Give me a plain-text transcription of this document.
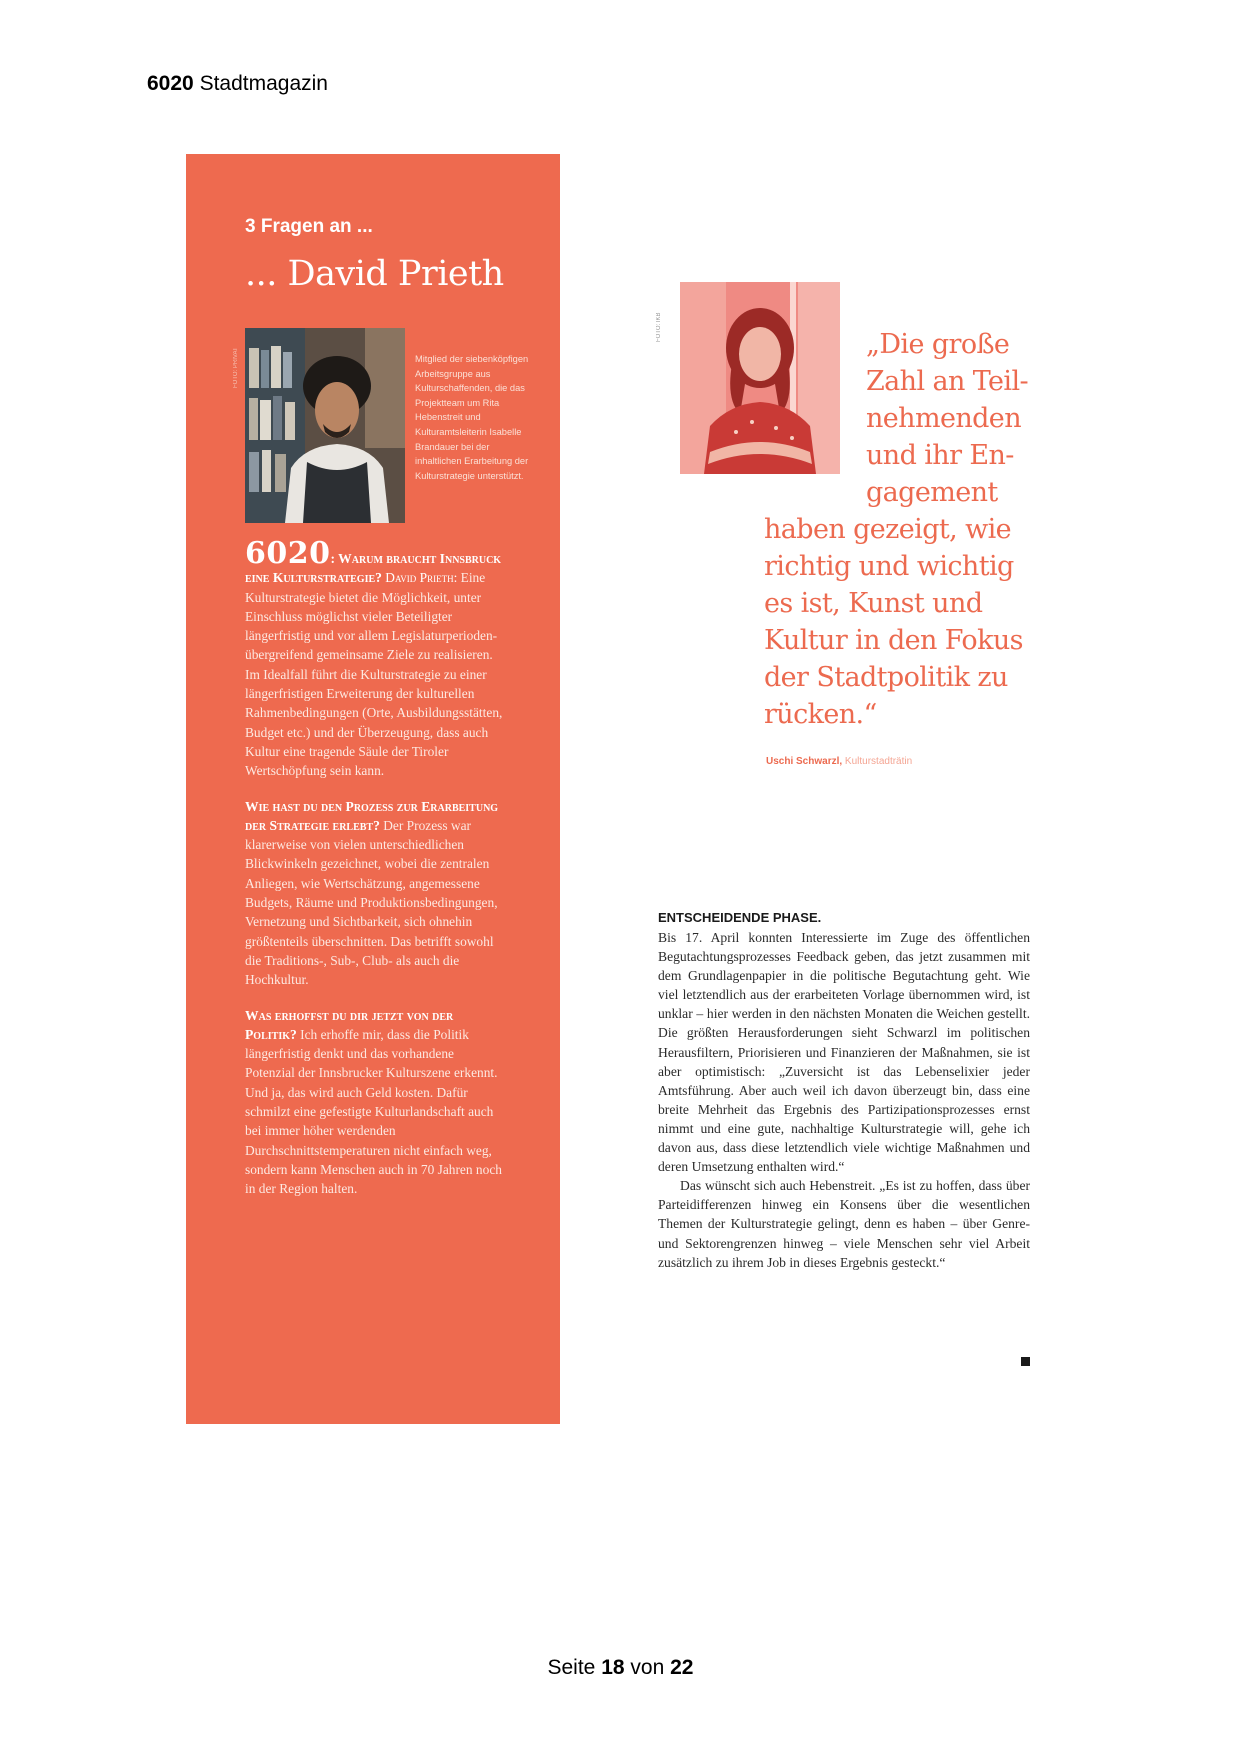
6020 Stadtmagazin
3 Fragen an ...
... David Prieth
FOTO: PRIVAT	Mitglied der siebenköpfigen Arbeitsgruppe aus Kulturschaffenden, die das Projektteam um Rita Hebenstreit und Kulturamtsleiterin Isabelle Brandauer bei der inhaltlichen Erarbeitung der Kulturstrategie unterstützt.

6020: Warum braucht Innsbruck eine Kulturstrategie? David Prieth: Eine Kulturstrategie bietet die Möglichkeit, unter Einschluss möglichst vieler Beteiligter längerfristig und vor allem Legislaturperioden-übergreifend gemeinsame Ziele zu realisieren. Im Idealfall führt die Kulturstrategie zu einer längerfristigen Erweiterung der kulturellen Rahmenbedingungen (Orte, Ausbildungsstätten, Budget etc.) und der Überzeugung, dass auch Kultur eine tragende Säule der Tiroler Wertschöpfung sein kann.

Wie hast du den Prozess zur Erarbeitung der Strategie erlebt? Der Prozess war klarerweise von vielen unterschiedlichen Blickwinkeln gezeichnet, wobei die zentralen Anliegen, wie Wertschätzung, angemessene Budgets, Räume und Produktionsbedingungen, Vernetzung und Sichtbarkeit, sich ohnehin größtenteils überschnitten. Das betrifft sowohl die Traditions-, Sub-, Club- als auch die Hochkultur.

Was erhoffst du dir jetzt von der Politik? Ich erhoffe mir, dass die Politik längerfristig denkt und das vorhandene Potenzial der Innsbrucker Kulturszene erkennt. Und ja, das wird auch Geld kosten. Dafür schmilzt eine gefestigte Kulturlandschaft auch bei immer höher werdenden Durchschnittstemperaturen nicht einfach weg, sondern kann Menschen auch in 70 Jahren noch in der Region halten.

FOTO: IKB
„Die große
Zahl an Teil-
nehmenden
und ihr En-
gagement
haben gezeigt, wie
richtig und wichtig
es ist, Kunst und
Kultur in den Fokus
der Stadtpolitik zu
rücken.“
Uschi Schwarzl, Kulturstadträtin
ENTSCHEIDENDE PHASE.

Bis 17. April konnten Interessierte im Zuge des öffentlichen Begutachtungsprozesses Feedback geben, das jetzt zusammen mit dem Grundlagenpapier in die politische Begutachtung geht. Wie viel letztendlich aus der erarbeiteten Vorlage übernommen wird, ist unklar – hier werden in den nächsten Monaten die Weichen gestellt. Die größten Herausforderungen sieht Schwarzl im politischen Herausfiltern, Priorisieren und Finanzieren der Maßnahmen, sie ist aber optimistisch: „Zuversicht ist das Lebenselixier jeder Amtsführung. Aber auch weil ich davon überzeugt bin, dass eine breite Mehrheit das Ergebnis des Partizipationsprozesses ernst nimmt und eine gute, nachhaltige Kulturstrategie will, gehe ich davon aus, dass diese letztendlich viele wichtige Maßnahmen und deren Umsetzung enthalten wird.“

Das wünscht sich auch Hebenstreit. „Es ist zu hoffen, dass über Parteidifferenzen hinweg ein Konsens über die wesentlichen Themen der Kulturstrategie gelingt, denn es haben – über Genre- und Sektorengrenzen hinweg – viele Menschen sehr viel Arbeit zusätzlich zu ihrem Job in dieses Ergebnis gesteckt.“

Seite 18 von 22
